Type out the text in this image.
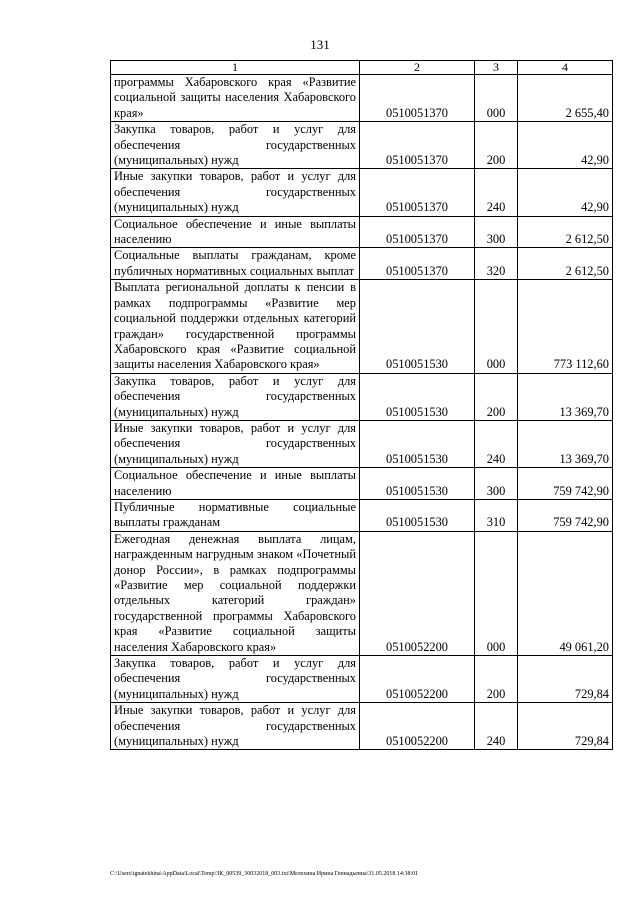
131
1	2	3	4
программы Хабаровского края «Развитие социальной защиты населения Хабаровского края»	0510051370	000	2 655,40
Закупка товаров, работ и услуг для обеспечения государственных (муниципальных) нужд	0510051370	200	42,90
Иные закупки товаров, работ и услуг для обеспечения государственных (муниципальных) нужд	0510051370	240	42,90
Социальное обеспечение и иные выплаты населению	0510051370	300	2 612,50
Социальные выплаты гражданам, кроме публичных нормативных социальных выплат	0510051370	320	2 612,50
Выплата региональной доплаты к пенсии в рамках подпрограммы «Развитие мер социальной поддержки отдельных категорий граждан» государственной программы Хабаровского края «Развитие социальной защиты населения Хабаровского края»	0510051530	000	773 112,60
Закупка товаров, работ и услуг для обеспечения государственных (муниципальных) нужд	0510051530	200	13 369,70
Иные закупки товаров, работ и услуг для обеспечения государственных (муниципальных) нужд	0510051530	240	13 369,70
Социальное обеспечение и иные выплаты населению	0510051530	300	759 742,90
Публичные нормативные социальные выплаты гражданам	0510051530	310	759 742,90
Ежегодная денежная выплата лицам, награжденным нагрудным знаком «Почетный донор России», в рамках подпрограммы «Развитие мер социальной поддержки отдельных категорий граждан» государственной программы Хабаровского края «Развитие социальной защиты населения Хабаровского края»	0510052200	000	49 061,20
Закупка товаров, работ и услуг для обеспечения государственных (муниципальных) нужд	0510052200	200	729,84
Иные закупки товаров, работ и услуг для обеспечения государственных (муниципальных) нужд	0510052200	240	729,84
C:\Users\ignatekhina\AppData\Local\Temp\ЗК_00539_30032018_003.txt\Мелехина Ирина Геннадьевна\31.05.2018 14:38:01
